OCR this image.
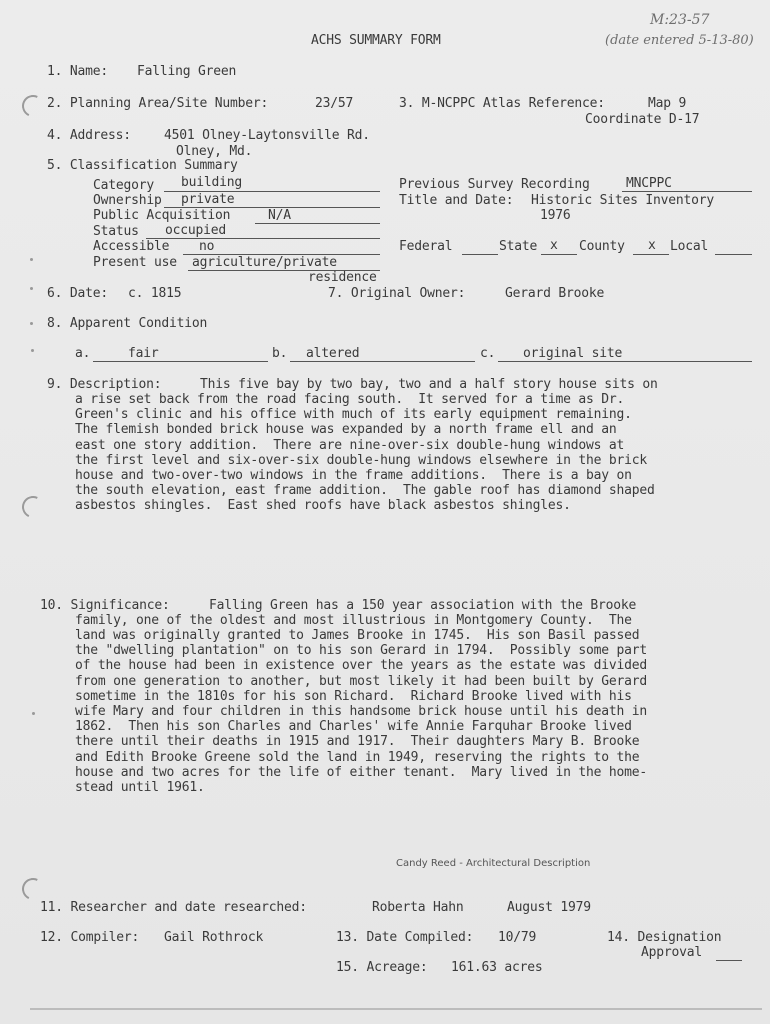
ACHS SUMMARY FORM
M:23-57
(date entered 5-13-80)
1. Name: Falling Green
2. Planning Area/Site Number:	23/57	3. M-NCPPC Atlas Reference:	Map 9
Coordinate D-17
4. Address:	4501 Olney-Laytonsville Rd.
Olney, Md.
5. Classification Summary
Category building
Ownership private
Public Acquisition	N/A
Status occupied
Accessible no
Present use agriculture/private
residence
Previous Survey Recording	MNCPPC
Title and Date: Historic Sites Inventory
1976
Federal	State x County x Local
6. Date: c. 1815	7. Original Owner:	Gerard Brooke
8. Apparent Condition
a.	fair	b. altered	c. original site
9. Description:	This five bay by two bay, two and a half story house sits on
a rise set back from the road facing south.  It served for a time as Dr.
Green's clinic and his office with much of its early equipment remaining.
The flemish bonded brick house was expanded by a north frame ell and an
east one story addition.  There are nine-over-six double-hung windows at
the first level and six-over-six double-hung windows elsewhere in the brick
house and two-over-two windows in the frame additions.  There is a bay on
the south elevation, east frame addition.  The gable roof has diamond shaped
asbestos shingles.  East shed roofs have black asbestos shingles.
10. Significance:	Falling Green has a 150 year association with the Brooke
family, one of the oldest and most illustrious in Montgomery County.  The
land was originally granted to James Brooke in 1745.  His son Basil passed
the "dwelling plantation" on to his son Gerard in 1794.  Possibly some part
of the house had been in existence over the years as the estate was divided
from one generation to another, but most likely it had been built by Gerard
sometime in the 1810s for his son Richard.  Richard Brooke lived with his
wife Mary and four children in this handsome brick house until his death in
1862.  Then his son Charles and Charles' wife Annie Farquhar Brooke lived
there until their deaths in 1915 and 1917.  Their daughters Mary B. Brooke
and Edith Brooke Greene sold the land in 1949, reserving the rights to the
house and two acres for the life of either tenant.  Mary lived in the home-
stead until 1961.
Candy Reed - Architectural Description
11. Researcher and date researched:	Roberta Hahn	August 1979
12. Compiler: Gail Rothrock	13. Date Compiled: 10/79	14. Designation
Approval
15. Acreage: 161.63 acres
